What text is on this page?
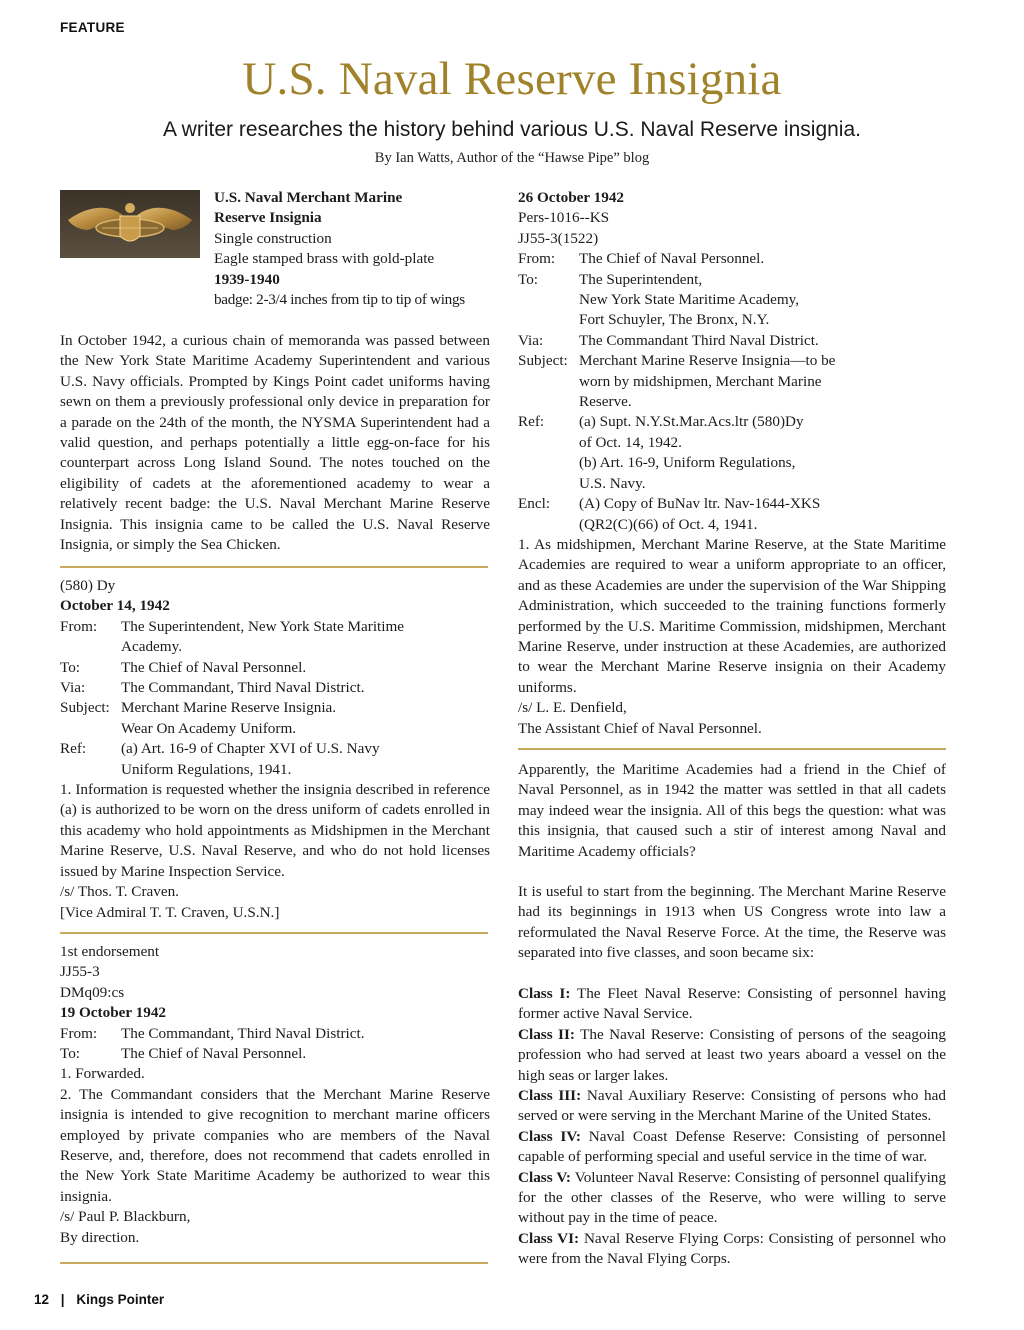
FEATURE
U.S. Naval Reserve Insignia
A writer researches the history behind various U.S. Naval Reserve insignia.
By Ian Watts, Author of the “Hawse Pipe” blog
U.S. Naval Merchant Marine
Reserve Insignia
Single construction
Eagle stamped brass with gold-plate
1939-1940
badge: 2-3/4 inches from tip to tip of wings
In October 1942, a curious chain of memoranda was passed between the New York State Maritime Academy Superintendent and various U.S. Navy officials. Prompted by Kings Point cadet uniforms having sewn on them a previously professional only device in preparation for a parade on the 24th of the month, the NYSMA Superintendent had a valid question, and perhaps potentially a little egg-on-face for his counterpart across Long Island Sound. The notes touched on the eligibility of cadets at the aforementioned academy to wear a relatively recent badge: the U.S. Naval Merchant Marine Reserve Insignia. This insignia came to be called the U.S. Naval Reserve Insignia, or simply the Sea Chicken.
(580) Dy
October 14, 1942
From:	The Superintendent, New York State Maritime
Academy.
To:	The Chief of Naval Personnel.
Via:	The Commandant, Third Naval District.
Subject: Merchant Marine Reserve Insignia.
Wear On Academy Uniform.
Ref:	(a) Art. 16-9 of Chapter XVI of U.S. Navy
Uniform Regulations, 1941.
1. Information is requested whether the insignia described in reference (a) is authorized to be worn on the dress uniform of cadets enrolled in this academy who hold appointments as Midshipmen in the Merchant Marine Reserve, U.S. Naval Reserve, and who do not hold licenses issued by Marine Inspection Service.
/s/ Thos. T. Craven.
[Vice Admiral T. T. Craven, U.S.N.]
1st endorsement
JJ55-3
DMq09:cs
19 October 1942
From:	The Commandant, Third Naval District.
To:	The Chief of Naval Personnel.
1. Forwarded.
2. The Commandant considers that the Merchant Marine Reserve insignia is intended to give recognition to merchant marine officers employed by private companies who are members of the Naval Reserve, and, therefore, does not recommend that cadets enrolled in the New York State Maritime Academy be authorized to wear this insignia.
/s/ Paul P. Blackburn,
By direction.
26 October 1942
Pers-1016--KS
JJ55-3(1522)
From:	The Chief of Naval Personnel.
To:	The Superintendent,
New York State Maritime Academy,
Fort Schuyler, The Bronx, N.Y.
Via:	The Commandant Third Naval District.
Subject: Merchant Marine Reserve Insignia—to be
worn by midshipmen, Merchant Marine
Reserve.
Ref:	(a) Supt. N.Y.St.Mar.Acs.ltr (580)Dy
of Oct. 14, 1942.
(b) Art. 16-9, Uniform Regulations,
U.S. Navy.
Encl:	(A) Copy of BuNav ltr. Nav-1644-XKS
(QR2(C)(66) of Oct. 4, 1941.
1. As midshipmen, Merchant Marine Reserve, at the State Maritime Academies are required to wear a uniform appropriate to an officer, and as these Academies are under the supervision of the War Shipping Administration, which succeeded to the training functions formerly performed by the U.S. Maritime Commission, midshipmen, Merchant Marine Reserve, under instruction at these Academies, are authorized to wear the Merchant Marine Reserve insignia on their Academy uniforms.
/s/ L. E. Denfield,
The Assistant Chief of Naval Personnel.
Apparently, the Maritime Academies had a friend in the Chief of Naval Personnel, as in 1942 the matter was settled in that all cadets may indeed wear the insignia. All of this begs the question: what was this insignia, that caused such a stir of interest among Naval and Maritime Academy officials?
It is useful to start from the beginning. The Merchant Marine Reserve had its beginnings in 1913 when US Congress wrote into law a reformulated the Naval Reserve Force. At the time, the Reserve was separated into five classes, and soon became six:

Class I: The Fleet Naval Reserve: Consisting of personnel having former active Naval Service.

Class II: The Naval Reserve: Consisting of persons of the seagoing profession who had served at least two years aboard a vessel on the high seas or larger lakes.

Class III: Naval Auxiliary Reserve: Consisting of persons who had served or were serving in the Merchant Marine of the United States.

Class IV: Naval Coast Defense Reserve: Consisting of personnel capable of performing special and useful service in the time of war.

Class V: Volunteer Naval Reserve: Consisting of personnel qualifying for the other classes of the Reserve, who were willing to serve without pay in the time of peace.

Class VI: Naval Reserve Flying Corps: Consisting of personnel who were from the Naval Flying Corps.

12 | Kings Pointer
